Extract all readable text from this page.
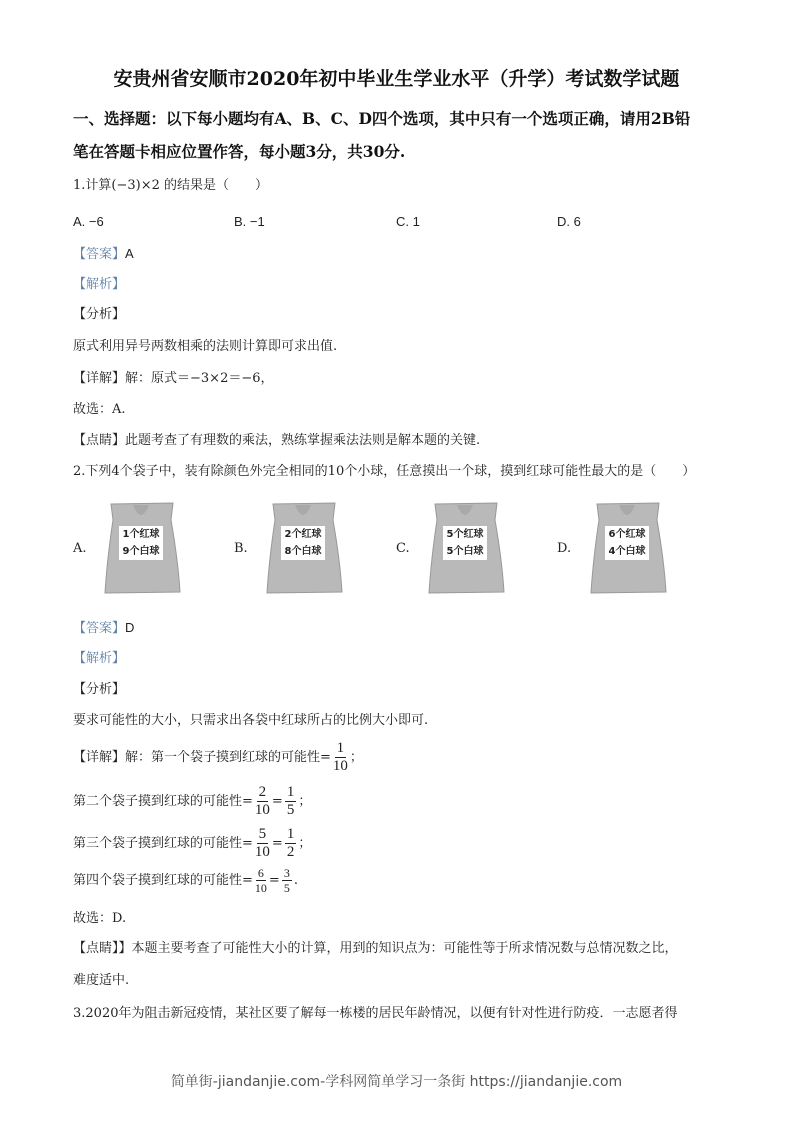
安贵州省安顺市2020年初中毕业生学业水平（升学）考试数学试题
一、选择题：以下每小题均有A、B、C、D四个选项，其中只有一个选项正确，请用2B铅
笔在答题卡相应位置作答，每小题3分，共30分.
1.计算(−3)×2 的结果是（　　）
A. −6	B. −1	C. 1	D. 6
【答案】A
【解析】
【分析】
原式利用异号两数相乘的法则计算即可求出值.
【详解】解：原式＝−3×2＝−6，
故选：A.
【点睛】此题考查了有理数的乘法，熟练掌握乘法法则是解本题的关键.
2.下列4个袋子中，装有除颜色外完全相同的10个小球，任意摸出一个球，摸到红球可能性最大的是（　　）
A.
1个红球
9个白球	B.
2个红球
8个白球	C.
5个红球
5个白球	D.
6个红球
4个白球
【答案】D
【解析】
【分析】
要求可能性的大小，只需求出各袋中红球所占的比例大小即可.
【详解】解：第一个袋子摸到红球的可能性= $\frac{1}{10}$ ；
第二个袋子摸到红球的可能性= $\frac{2}{10} = \frac{1}{5}$ ；
第三个袋子摸到红球的可能性= $\frac{5}{10} = \frac{1}{2}$ ；
第四个袋子摸到红球的可能性= $\frac{6}{10} = \frac{3}{5}$ .
故选：D.
【点睛】】本题主要考查了可能性大小的计算，用到的知识点为：可能性等于所求情况数与总情况数之比，
难度适中.
3.2020年为阻击新冠疫情，某社区要了解每一栋楼的居民年龄情况，以便有针对性进行防疫．一志愿者得
简单街-jiandanjie.com-学科网简单学习一条街 https://jiandanjie.com
